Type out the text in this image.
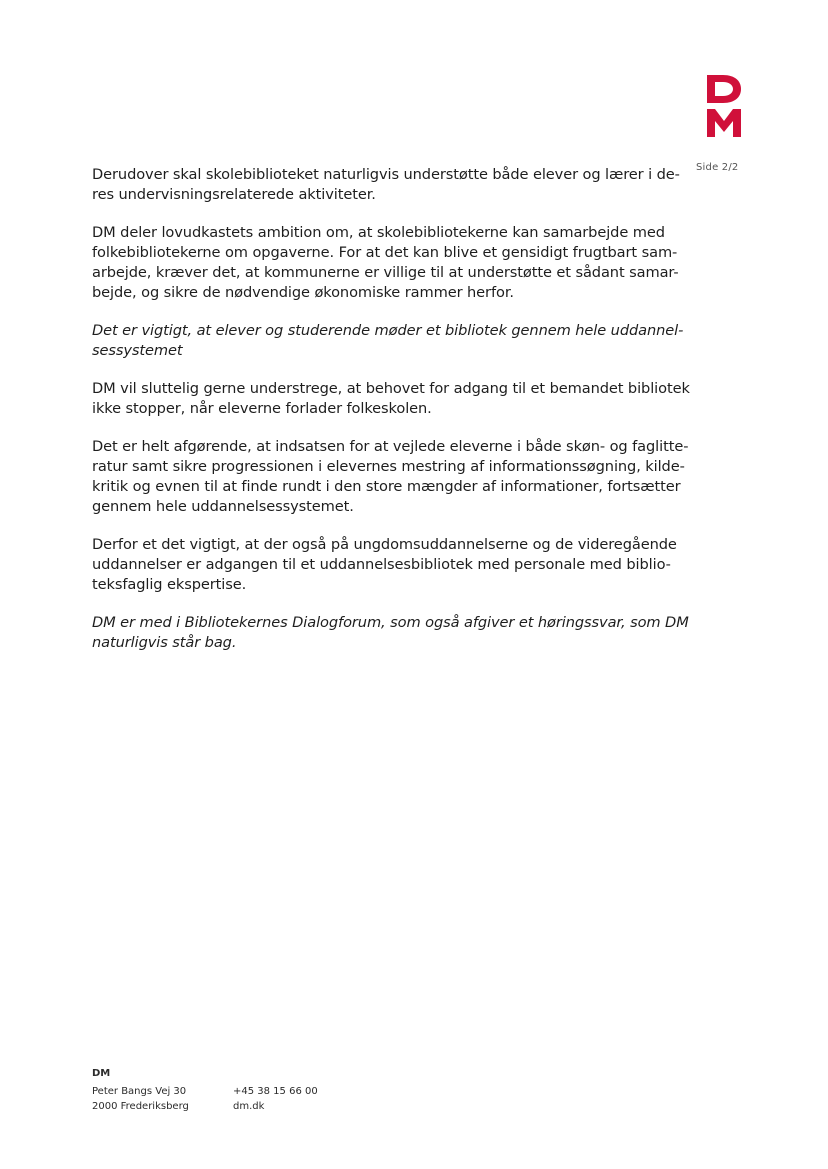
Side 2/2

Derudover skal skolebiblioteket naturligvis understøtte både elever og lærer i de-
res undervisningsrelaterede aktiviteter.

DM deler lovudkastets ambition om, at skolebibliotekerne kan samarbejde med
folkebibliotekerne om opgaverne. For at det kan blive et gensidigt frugtbart sam-
arbejde, kræver det, at kommunerne er villige til at understøtte et sådant samar-
bejde, og sikre de nødvendige økonomiske rammer herfor.

Det er vigtigt, at elever og studerende møder et bibliotek gennem hele uddannel-
sessystemet

DM vil sluttelig gerne understrege, at behovet for adgang til et bemandet bibliotek
ikke stopper, når eleverne forlader folkeskolen.

Det er helt afgørende, at indsatsen for at vejlede eleverne i både skøn- og faglitte-
ratur samt sikre progressionen i elevernes mestring af informationssøgning, kilde-
kritik og evnen til at finde rundt i den store mængder af informationer, fortsætter
gennem hele uddannelsessystemet.

Derfor et det vigtigt, at der også på ungdomsuddannelserne og de videregående
uddannelser er adgangen til et uddannelsesbibliotek med personale med biblio-
teksfaglig ekspertise.

DM er med i Bibliotekernes Dialogforum, som også afgiver et høringssvar, som DM
naturligvis står bag.

DM
Peter Bangs Vej 30
2000 Frederiksberg
+45 38 15 66 00
dm.dk
